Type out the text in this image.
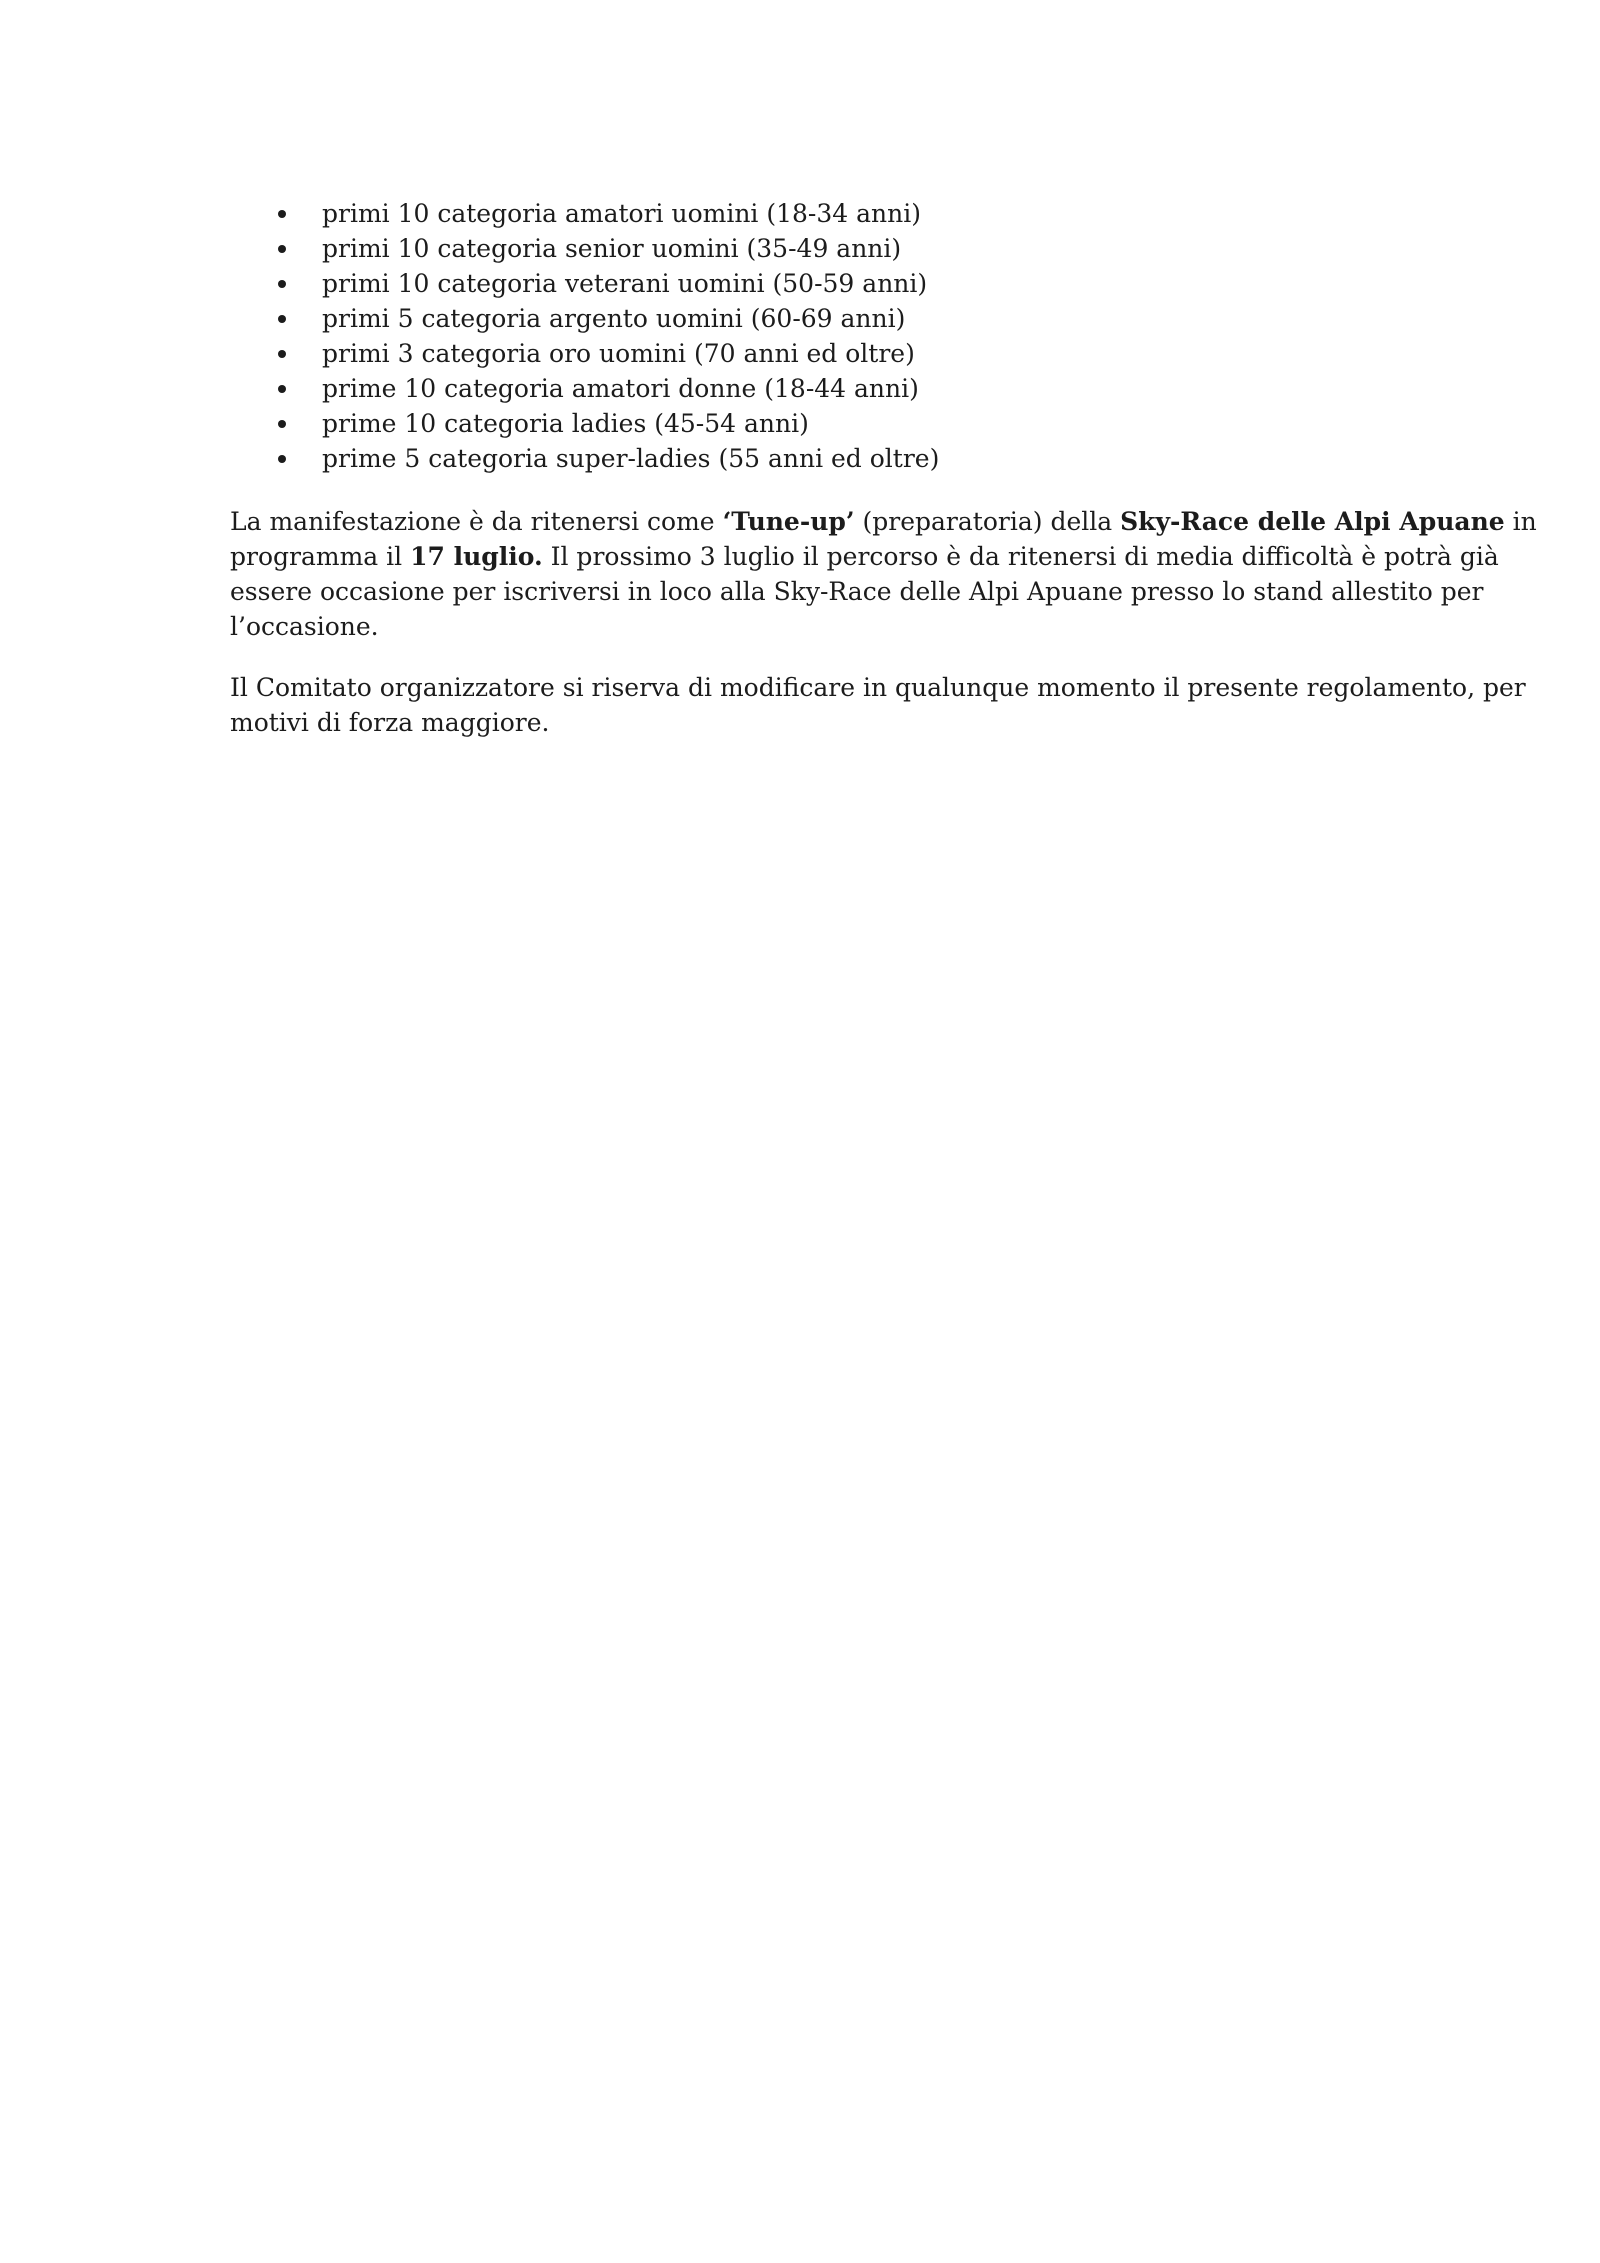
primi 10 categoria amatori uomini (18-34 anni)
primi 10 categoria senior uomini (35-49 anni)
primi 10 categoria veterani uomini (50-59 anni)
primi 5 categoria argento uomini (60-69 anni)
primi 3 categoria oro uomini (70 anni ed oltre)
prime 10 categoria amatori donne (18-44 anni)
prime 10 categoria ladies (45-54 anni)
prime 5 categoria super-ladies (55 anni ed oltre)

La manifestazione è da ritenersi come ‘Tune-up’ (preparatoria) della Sky-Race delle Alpi Apuane in
programma il 17 luglio. Il prossimo 3 luglio il percorso è da ritenersi di media difficoltà è potrà già
essere occasione per iscriversi in loco alla Sky-Race delle Alpi Apuane presso lo stand allestito per
l’occasione.

Il Comitato organizzatore si riserva di modificare in qualunque momento il presente regolamento, per
motivi di forza maggiore.
